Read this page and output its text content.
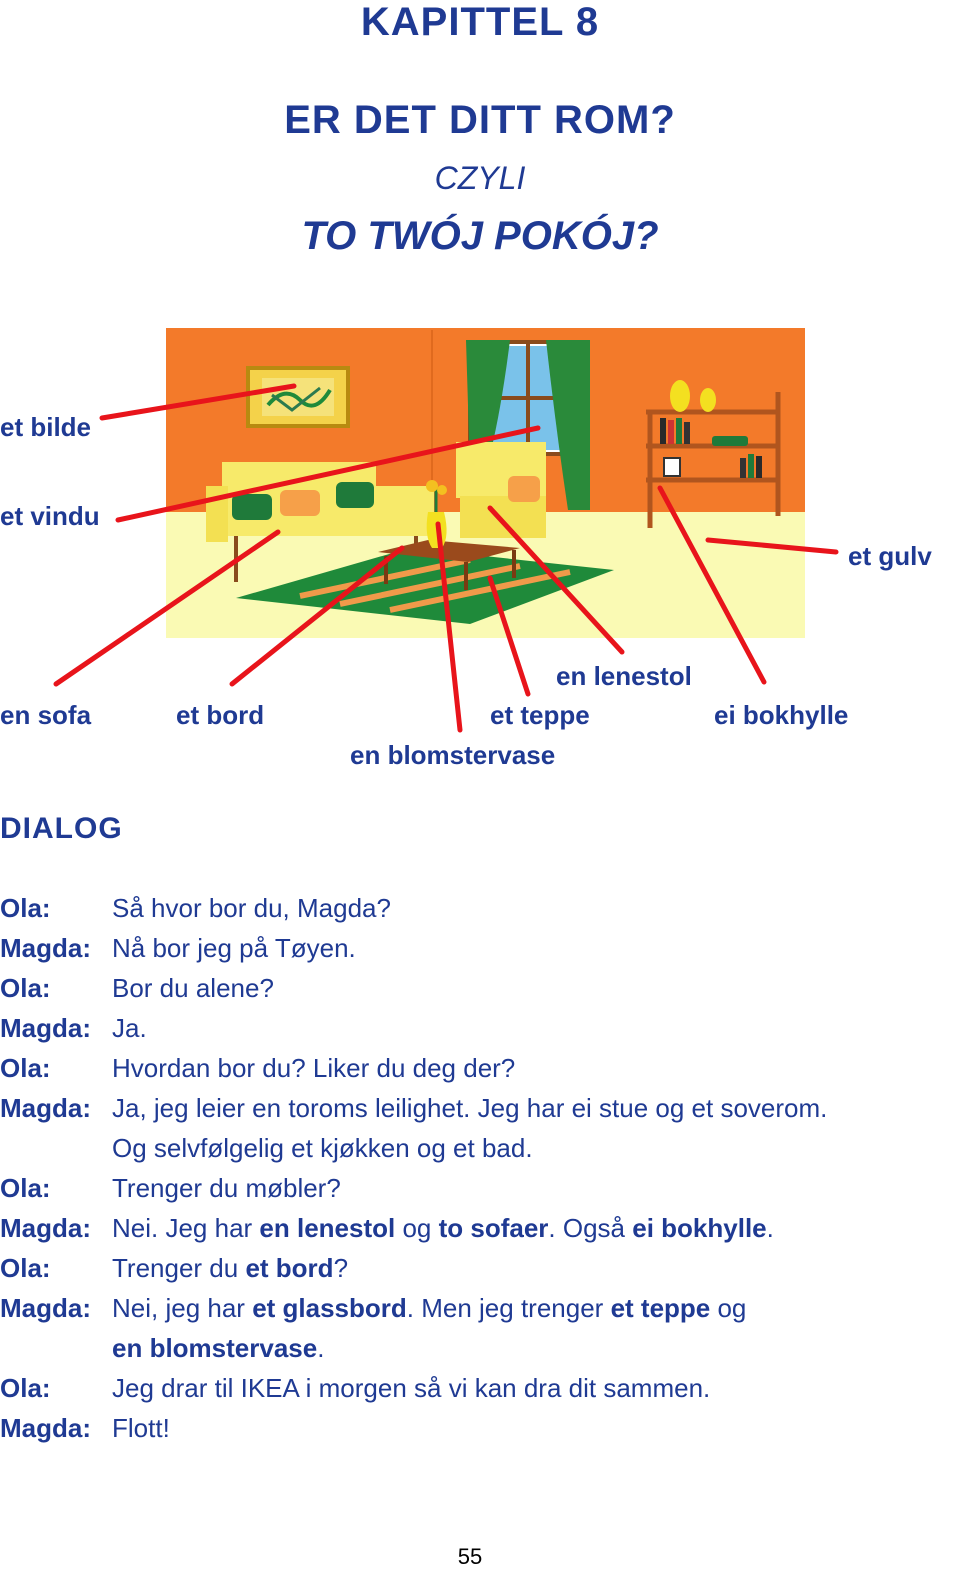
KAPITTEL 8
ER DET DITT ROM?
CZYLI
TO TWÓJ POKÓJ?
et bilde
et vindu
et gulv
en lenestol
en sofa	et bord	et teppe	ei bokhylle
en blomstervase
DIALOG
Ola: Så hvor bor du, Magda?
Magda: Nå bor jeg på Tøyen.
Ola: Bor du alene?
Magda: Ja.
Ola: Hvordan bor du? Liker du deg der?
Magda: Ja, jeg leier en toroms leilighet. Jeg har ei stue og et soverom.
Og selvfølgelig et kjøkken og et bad.
Ola: Trenger du møbler?
Magda: Nei. Jeg har en lenestol og to sofaer. Også ei bokhylle.
Ola: Trenger du et bord?
Magda: Nei, jeg har et glassbord. Men jeg trenger et teppe og
en blomstervase.
Ola: Jeg drar til IKEA i morgen så vi kan dra dit sammen.
Magda: Flott!
55
